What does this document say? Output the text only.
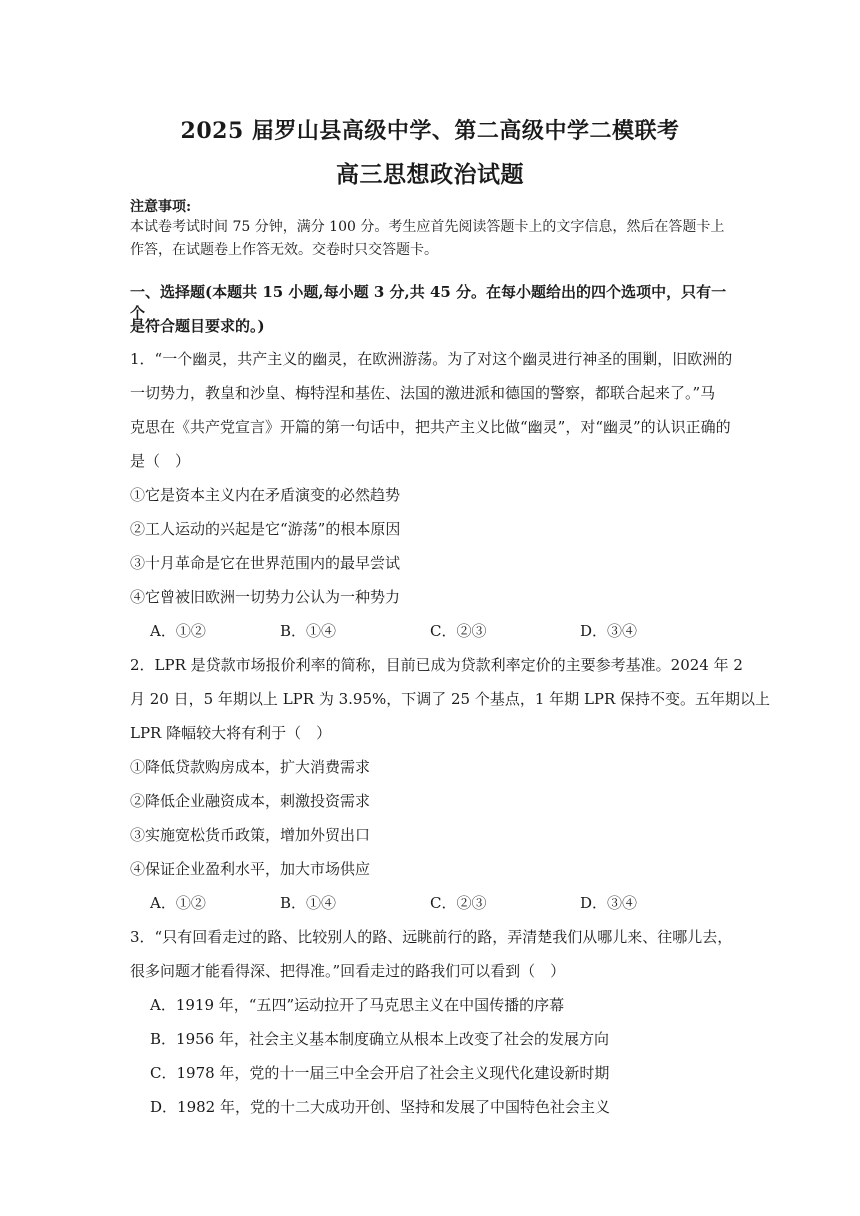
2025 届罗山县高级中学、第二高级中学二模联考
高三思想政治试题
注意事项:
本试卷考试时间 75 分钟，满分 100 分。考生应首先阅读答题卡上的文字信息，然后在答题卡上作答，在试题卷上作答无效。交卷时只交答题卡。
一、选择题(本题共 15 小题,每小题 3 分,共 45 分。在每小题给出的四个选项中，只有一个
是符合题目要求的。)
1．“一个幽灵，共产主义的幽灵，在欧洲游荡。为了对这个幽灵进行神圣的围剿，旧欧洲的
一切势力，教皇和沙皇、梅特涅和基佐、法国的激进派和德国的警察，都联合起来了。”马
克思在《共产党宣言》开篇的第一句话中，把共产主义比做“幽灵”，对“幽灵”的认识正确的
是（　）
①它是资本主义内在矛盾演变的必然趋势
②工人运动的兴起是它“游荡”的根本原因
③十月革命是它在世界范围内的最早尝试
④它曾被旧欧洲一切势力公认为一种势力
A．①②	B．①④	C．②③	D．③④
2．LPR 是贷款市场报价利率的简称，目前已成为贷款利率定价的主要参考基准。2024 年 2
月 20 日，5 年期以上 LPR 为 3.95%，下调了 25 个基点，1 年期 LPR 保持不变。五年期以上
LPR 降幅较大将有利于（　）
①降低贷款购房成本，扩大消费需求
②降低企业融资成本，刺激投资需求
③实施宽松货币政策，增加外贸出口
④保证企业盈利水平，加大市场供应
A．①②	B．①④	C．②③	D．③④
3．“只有回看走过的路、比较别人的路、远眺前行的路，弄清楚我们从哪儿来、往哪儿去，
很多问题才能看得深、把得准。”回看走过的路我们可以看到（　）
A．1919 年，“五四”运动拉开了马克思主义在中国传播的序幕
B．1956 年，社会主义基本制度确立从根本上改变了社会的发展方向
C．1978 年，党的十一届三中全会开启了社会主义现代化建设新时期
D．1982 年，党的十二大成功开创、坚持和发展了中国特色社会主义
